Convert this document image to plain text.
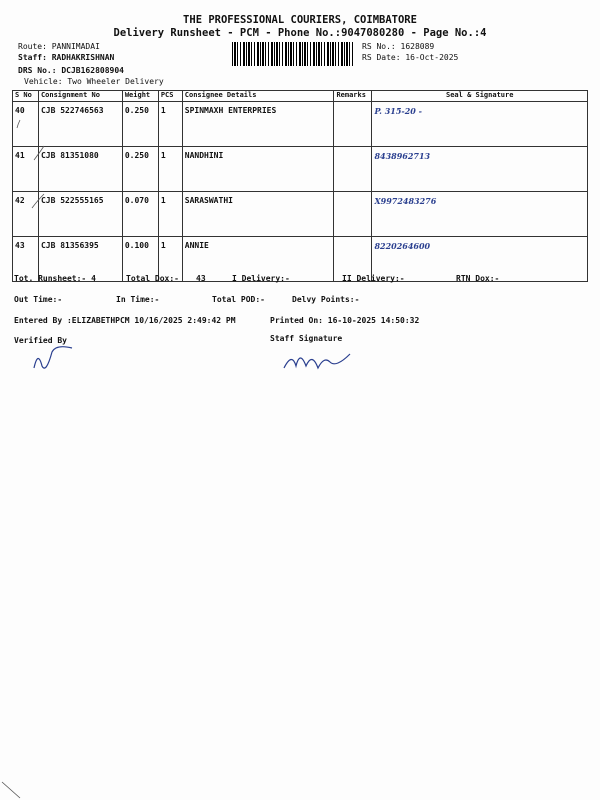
THE PROFESSIONAL COURIERS, COIMBATORE
Delivery Runsheet - PCM - Phone No.:9047080280 - Page No.:4
Route: PANNIMADAI
Staff: RADHAKRISHNAN
DRS No.: DCJB162808904
Vehicle: Two Wheeler Delivery
RS No.: 1628089
RS Date: 16-Oct-2025
S No	Consignment No	Weight	PCS	Consignee Details	Remarks	Seal & Signature
40	CJB 522746563	0.250	1	SPINMAXH ENTERPRIES		P. 315-20 -
41	CJB 81351080	0.250	1	NANDHINI		8438962713
42	CJB 522555165	0.070	1	SARASWATHI		X9972483276
43	CJB 81356395	0.100	1	ANNIE		8220264600
Tot. Runsheet:- 4	Total Dox:- 43	I Delivery:-	II Delivery:-	RTN Dox:-
Out Time:-	In Time:-	Total POD:-	Delvy Points:-
Entered By :ELIZABETHPCM 10/16/2025 2:49:42 PM	Printed On: 16-10-2025 14:50:32
Verified By	Staff Signature
